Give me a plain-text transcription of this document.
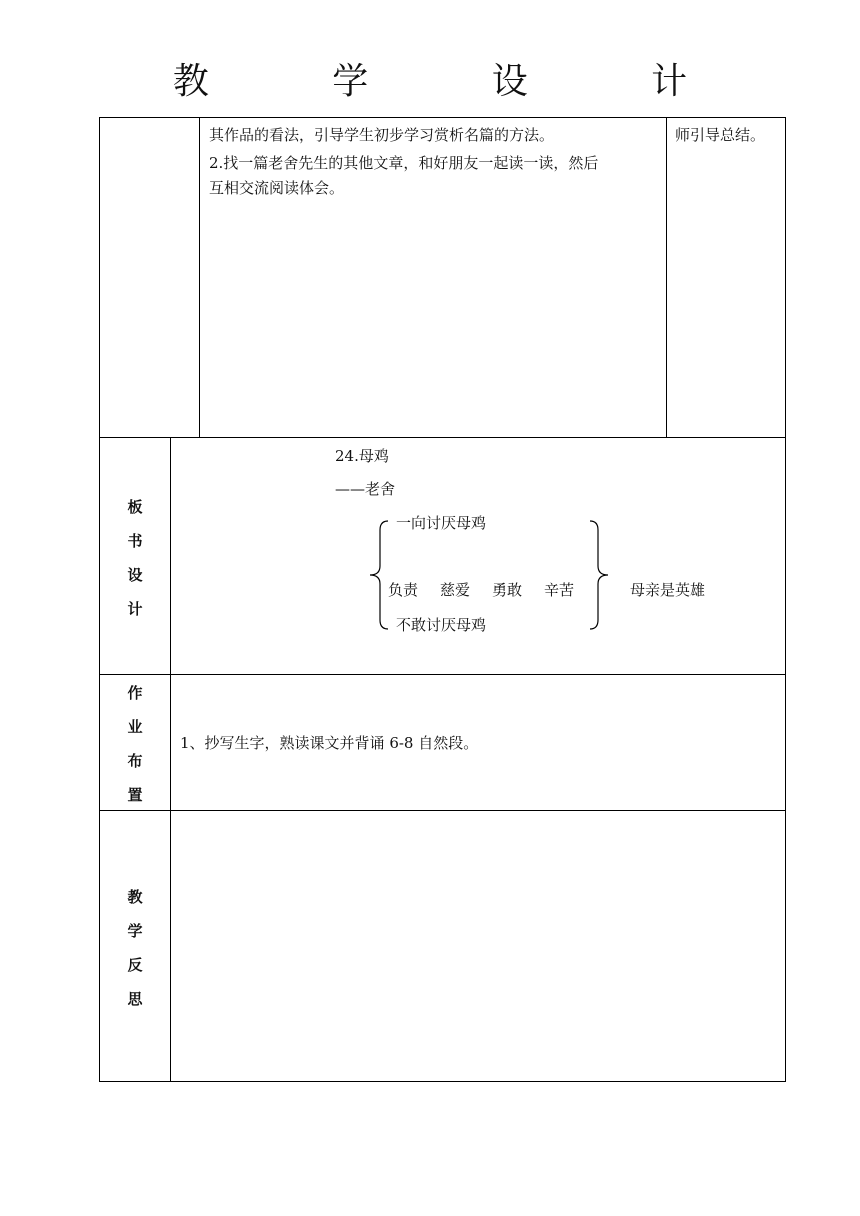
教 学 设 计
其作品的看法，引导学生初步学习赏析名篇的方法。
2.找一篇老舍先生的其他文章，和好朋友一起读一读，然后
互相交流阅读体会。
师引导总结。
板
书
设
计
24.母鸡
——老舍
一向讨厌母鸡
负责 慈爱 勇敢 辛苦
不敢讨厌母鸡
母亲是英雄
作
业
布
置
1、抄写生字，熟读课文并背诵 6-8 自然段。
教
学
反
思
